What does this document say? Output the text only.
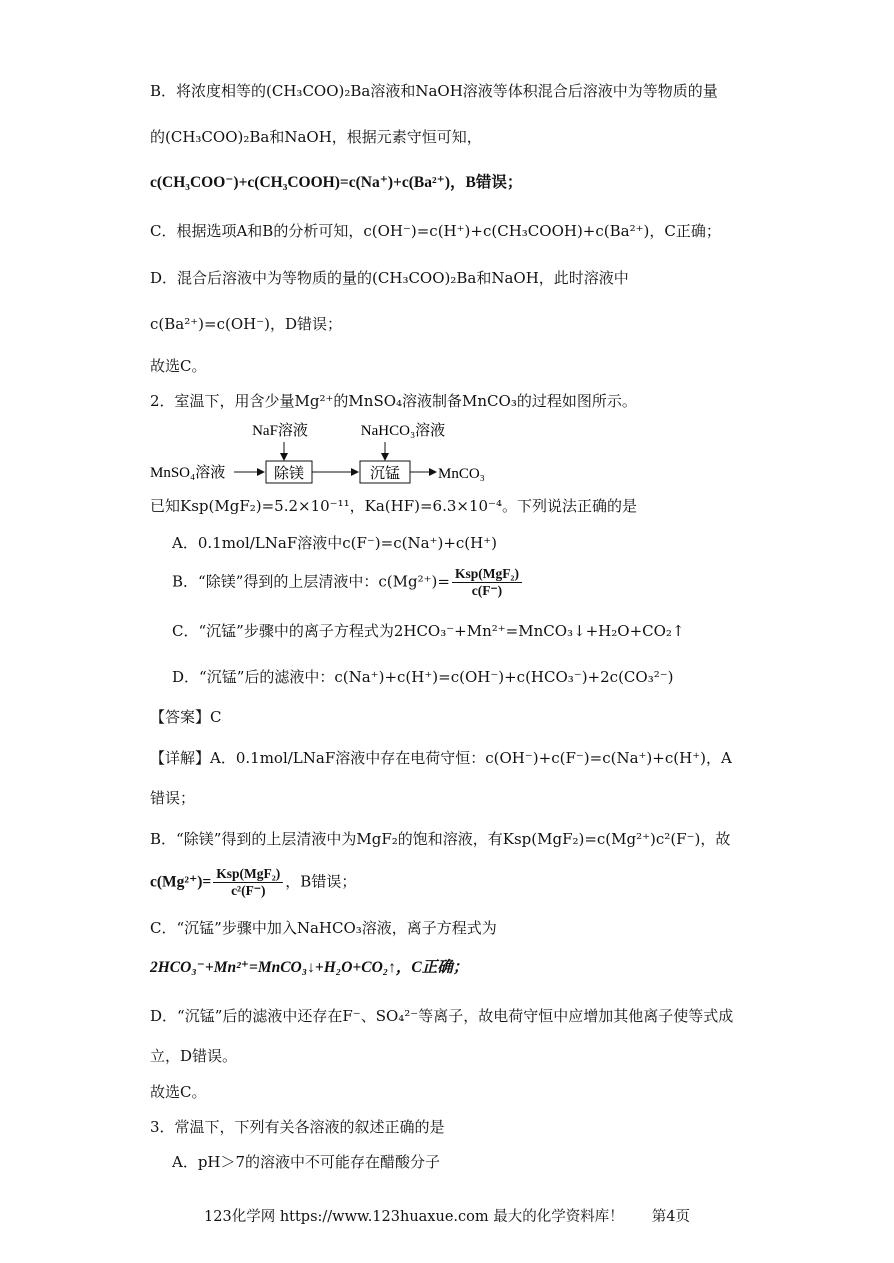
B．将浓度相等的(CH₃COO)₂Ba溶液和NaOH溶液等体积混合后溶液中为等物质的量
的(CH₃COO)₂Ba和NaOH，根据元素守恒可知，
c(CH₃COO⁻)+c(CH₃COOH)=c(Na⁺)+c(Ba²⁺)，B错误；
C．根据选项A和B的分析可知，c(OH⁻)=c(H⁺)+c(CH₃COOH)+c(Ba²⁺)，C正确；
D．混合后溶液中为等物质的量的(CH₃COO)₂Ba和NaOH，此时溶液中
c(Ba²⁺)=c(OH⁻)，D错误；
故选C。
2．室温下，用含少量Mg²⁺的MnSO₄溶液制备MnCO₃的过程如图所示。
NaF溶液	NaHCO₃溶液
MnSO₄溶液	除镁	沉锰	MnCO₃
已知Ksp(MgF₂)=5.2×10⁻¹¹，Ka(HF)=6.3×10⁻⁴。下列说法正确的是
A．0.1mol/LNaF溶液中c(F⁻)=c(Na⁺)+c(H⁺)
B．“除镁”得到的上层清液中：$c(Mg^{2+})= \frac{\text{Ksp(MgF₂)}}{c(F^-)}$
C．“沉锰”步骤中的离子方程式为2HCO₃⁻+Mn²⁺=MnCO₃↓+H₂O+CO₂↑
D．“沉锰”后的滤液中：c(Na⁺)+c(H⁺)=c(OH⁻)+c(HCO₃⁻)+2c(CO₃²⁻)
【答案】C
【详解】A．0.1mol/LNaF溶液中存在电荷守恒：c(OH⁻)+c(F⁻)=c(Na⁺)+c(H⁺)，A
错误；
B．“除镁”得到的上层清液中为MgF₂的饱和溶液，有Ksp(MgF₂)=c(Mg²⁺)c²(F⁻)，故
$c(Mg^{2+})= \frac{\text{Ksp(MgF₂)}}{\text{c²(F⁻)}}$ ，B错误；
C．“沉锰”步骤中加入NaHCO₃溶液，离子方程式为
2HCO₃⁻+Mn²⁺=MnCO₃↓+H₂O+CO₂↑，C正确；
D．“沉锰”后的滤液中还存在F⁻、SO₄²⁻等离子，故电荷守恒中应增加其他离子使等式成
立，D错误。
故选C。
3．常温下，下列有关各溶液的叙述正确的是
A．pH＞7的溶液中不可能存在醋酸分子
123化学网 https://www.123huaxue.com 最大的化学资料库！ 第4页
